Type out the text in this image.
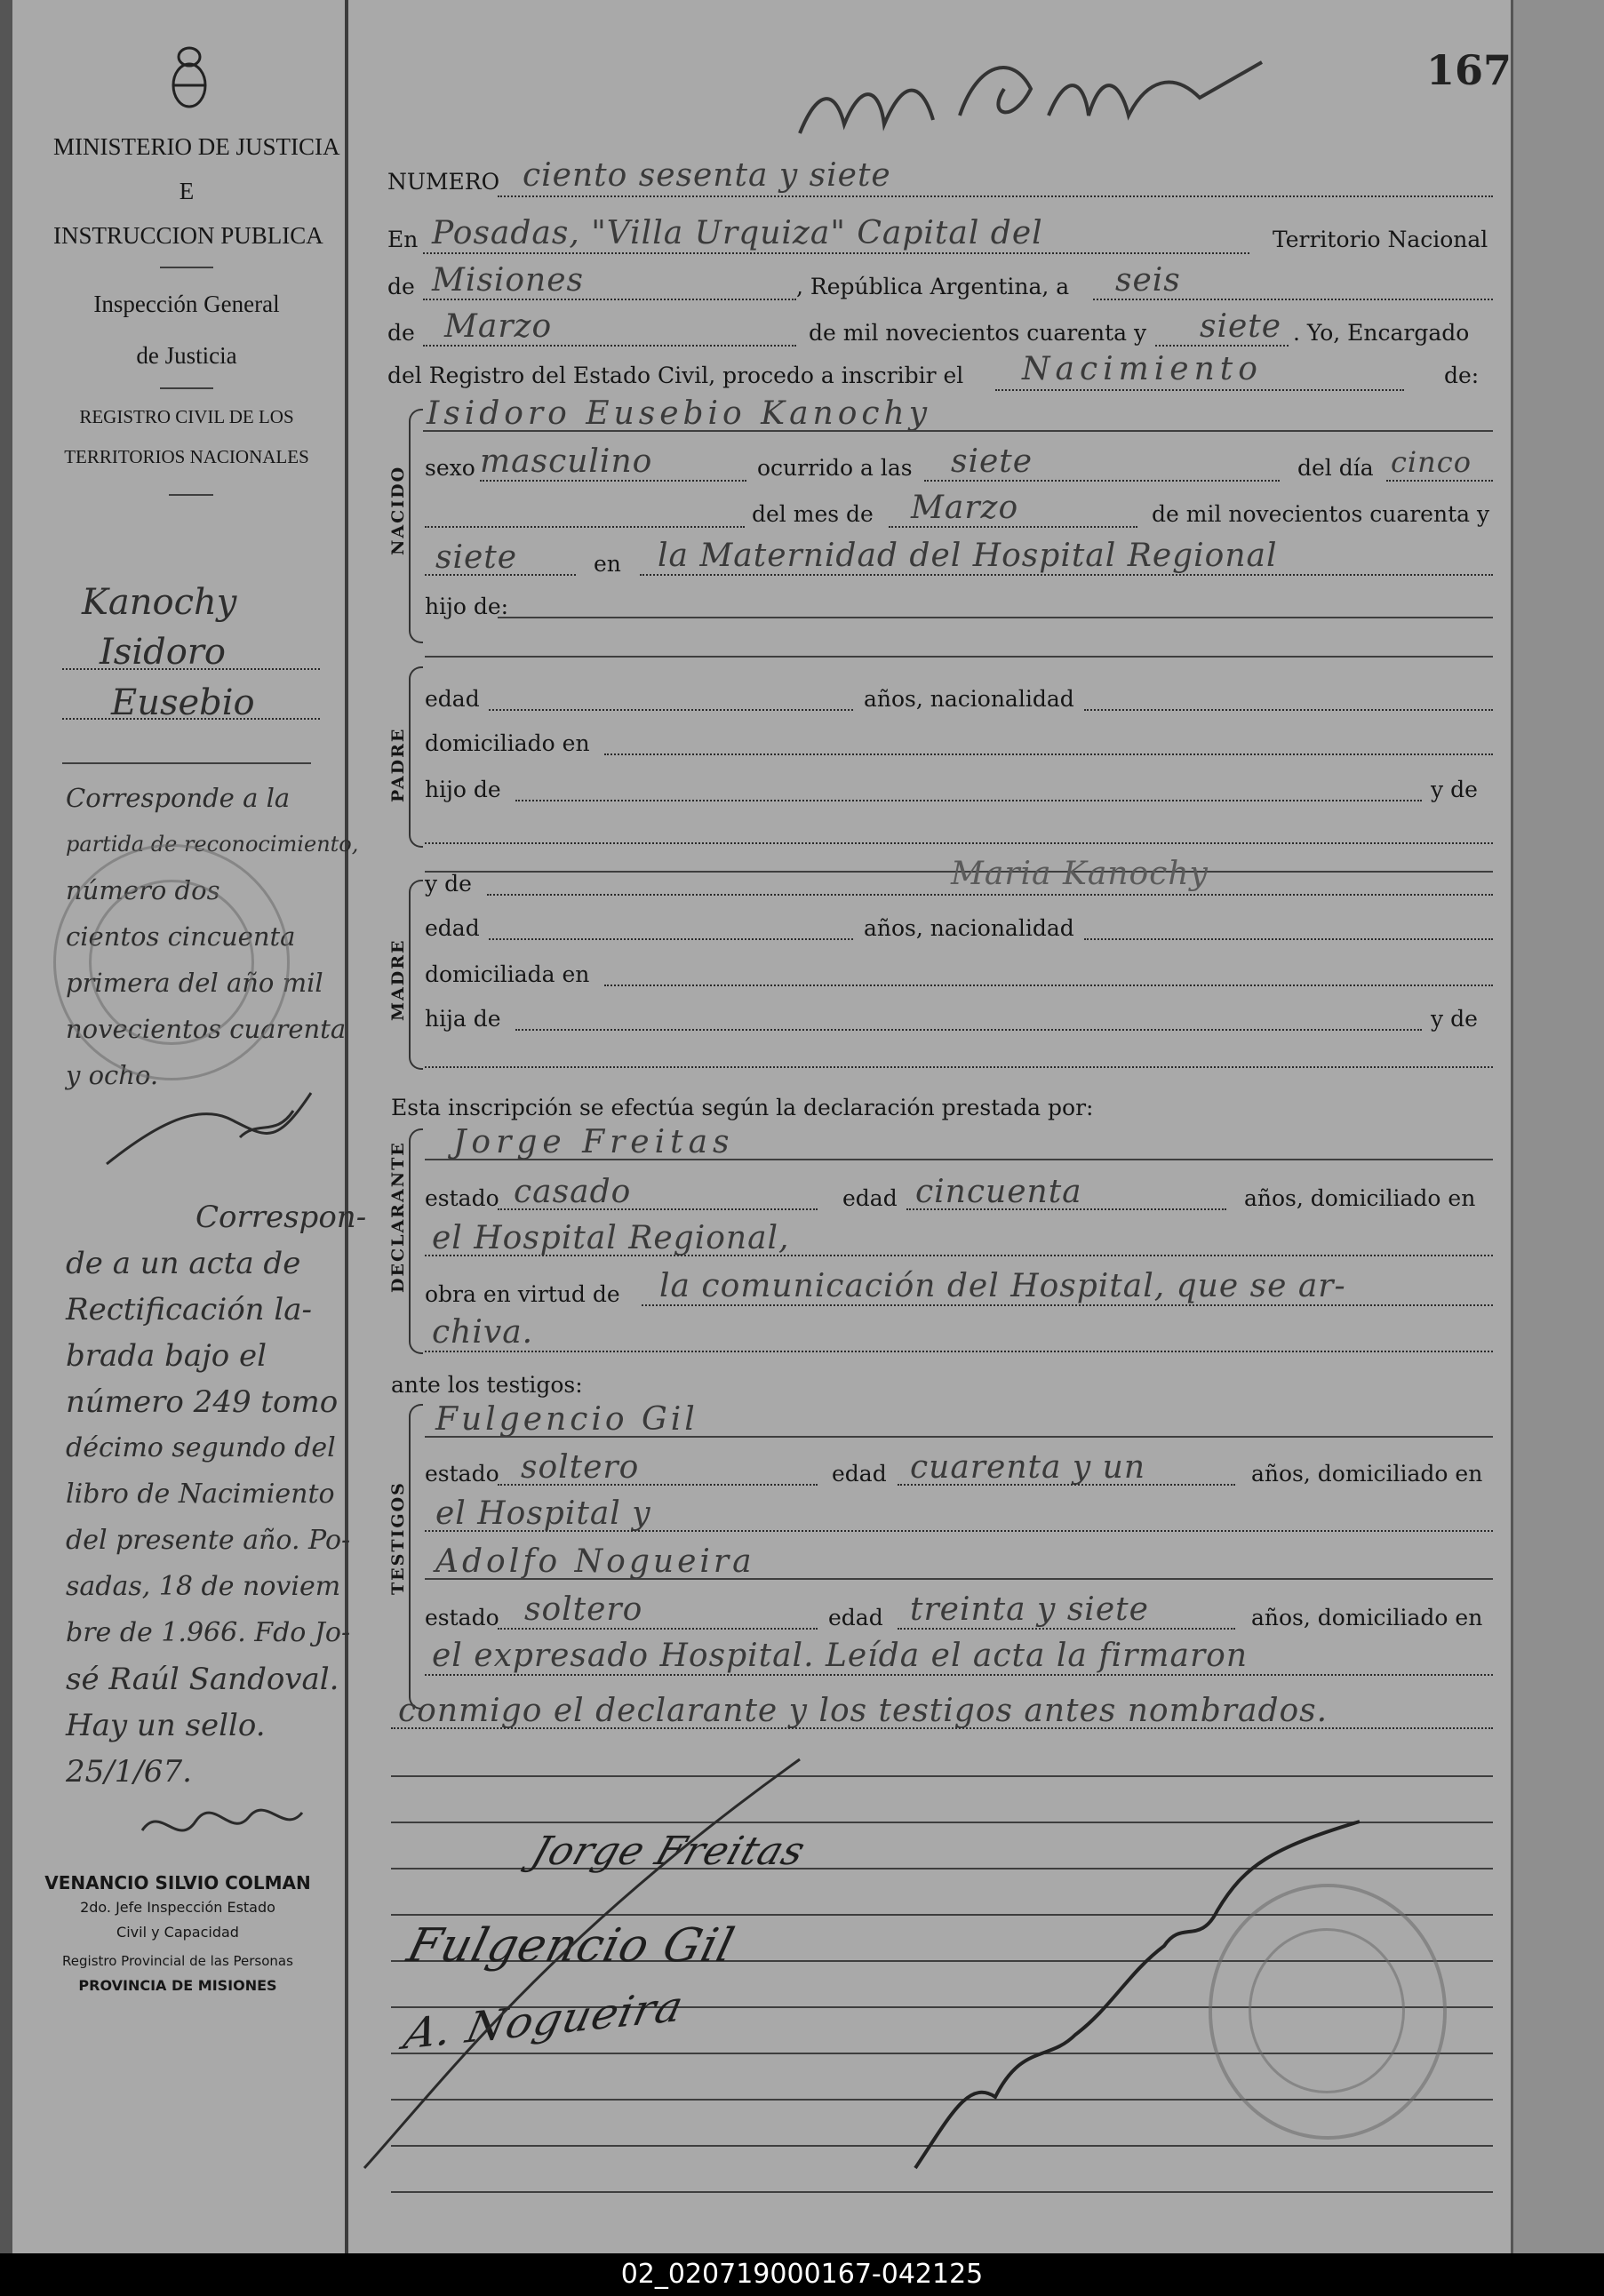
MINISTERIO DE JUSTICIA
E
INSTRUCCION PUBLICA
Inspección General
de Justicia
REGISTRO CIVIL DE LOS
TERRITORIOS NACIONALES
Kanochy
Isidoro
Eusebio
Corresponde a la
partida de reconocimiento,
número dos
cientos cincuenta
primera del año mil
novecientos cuarenta
y ocho.
Correspon-
de a un acta de
Rectificación la-
brada bajo el
número 249 tomo
décimo segundo del
libro de Nacimiento
del presente año. Po-
sadas, 18 de noviem
bre de 1.966. Fdo Jo-
sé Raúl Sandoval.
Hay un sello.
25/1/67.
VENANCIO SILVIO COLMAN
2do. Jefe Inspección Estado
Civil y Capacidad
Registro Provincial de las Personas
PROVINCIA DE MISIONES
167
NUMERO ciento sesenta y siete
En Posadas, "Villa Urquiza" Capital del	Territorio Nacional
de Misiones	, República Argentina, a seis
de Marzo	de mil novecientos cuarenta y siete . Yo, Encargado
del Registro del Estado Civil, procedo a inscribir el Nacimiento	de:
Isidoro Eusebio Kanochy
NACIDO sexo masculino	ocurrido a las siete	del día cinco
del mes de Marzo	de mil novecientos cuarenta y
siete	en la Maternidad del Hospital Regional
hijo de:
PADRE
edad	años, nacionalidad
domiciliado en
hijo de	y de
MADRE
y de	Maria Kanochy
edad	años, nacionalidad
domiciliada en
hija de	y de
Esta inscripción se efectúa según la declaración prestada por:
DECLARANTE Jorge Freitas
estado casado	edad cincuenta	años, domiciliado en
el Hospital Regional,
obra en virtud de la comunicación del Hospital, que se ar-
chiva.
ante los testigos:
TESTIGOS
Fulgencio Gil
estado soltero	edad cuarenta y un	años, domiciliado en
el Hospital y
Adolfo Nogueira
estado soltero	edad treinta y siete	años, domiciliado en
el expresado Hospital. Leída el acta la firmaron
conmigo el declarante y los testigos antes nombrados.
Jorge Freitas
Fulgencio Gil
A. Nogueira
02_020719000167-042125
